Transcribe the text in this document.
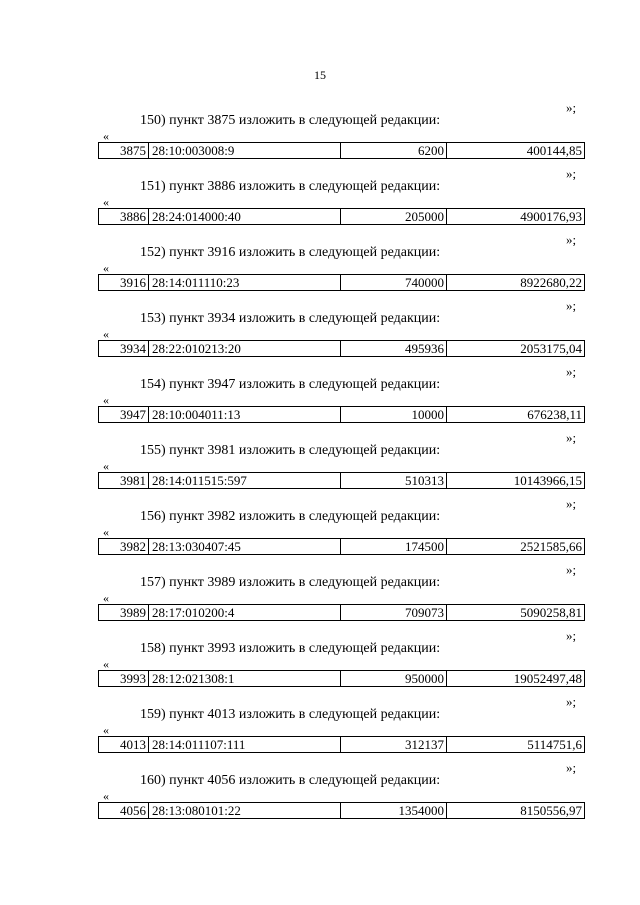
15
»;
150) пункт 3875 изложить в следующей редакции:
«
3875 28:10:003008:9	6200	400144,85
»;
151) пункт 3886 изложить в следующей редакции:
«
3886 28:24:014000:40	205000	4900176,93
»;
152) пункт 3916 изложить в следующей редакции:
«
3916 28:14:011110:23	740000	8922680,22
»;
153) пункт 3934 изложить в следующей редакции:
«
3934 28:22:010213:20	495936	2053175,04
»;
154) пункт 3947 изложить в следующей редакции:
«
3947 28:10:004011:13	10000	676238,11
»;
155) пункт 3981 изложить в следующей редакции:
«
3981 28:14:011515:597	510313	10143966,15
»;
156) пункт 3982 изложить в следующей редакции:
«
3982 28:13:030407:45	174500	2521585,66
»;
157) пункт 3989 изложить в следующей редакции:
«
3989 28:17:010200:4	709073	5090258,81
»;
158) пункт 3993 изложить в следующей редакции:
«
3993 28:12:021308:1	950000	19052497,48
»;
159) пункт 4013 изложить в следующей редакции:
«
4013 28:14:011107:111	312137	5114751,6
»;
160) пункт 4056 изложить в следующей редакции:
«
4056 28:13:080101:22	1354000	8150556,97
